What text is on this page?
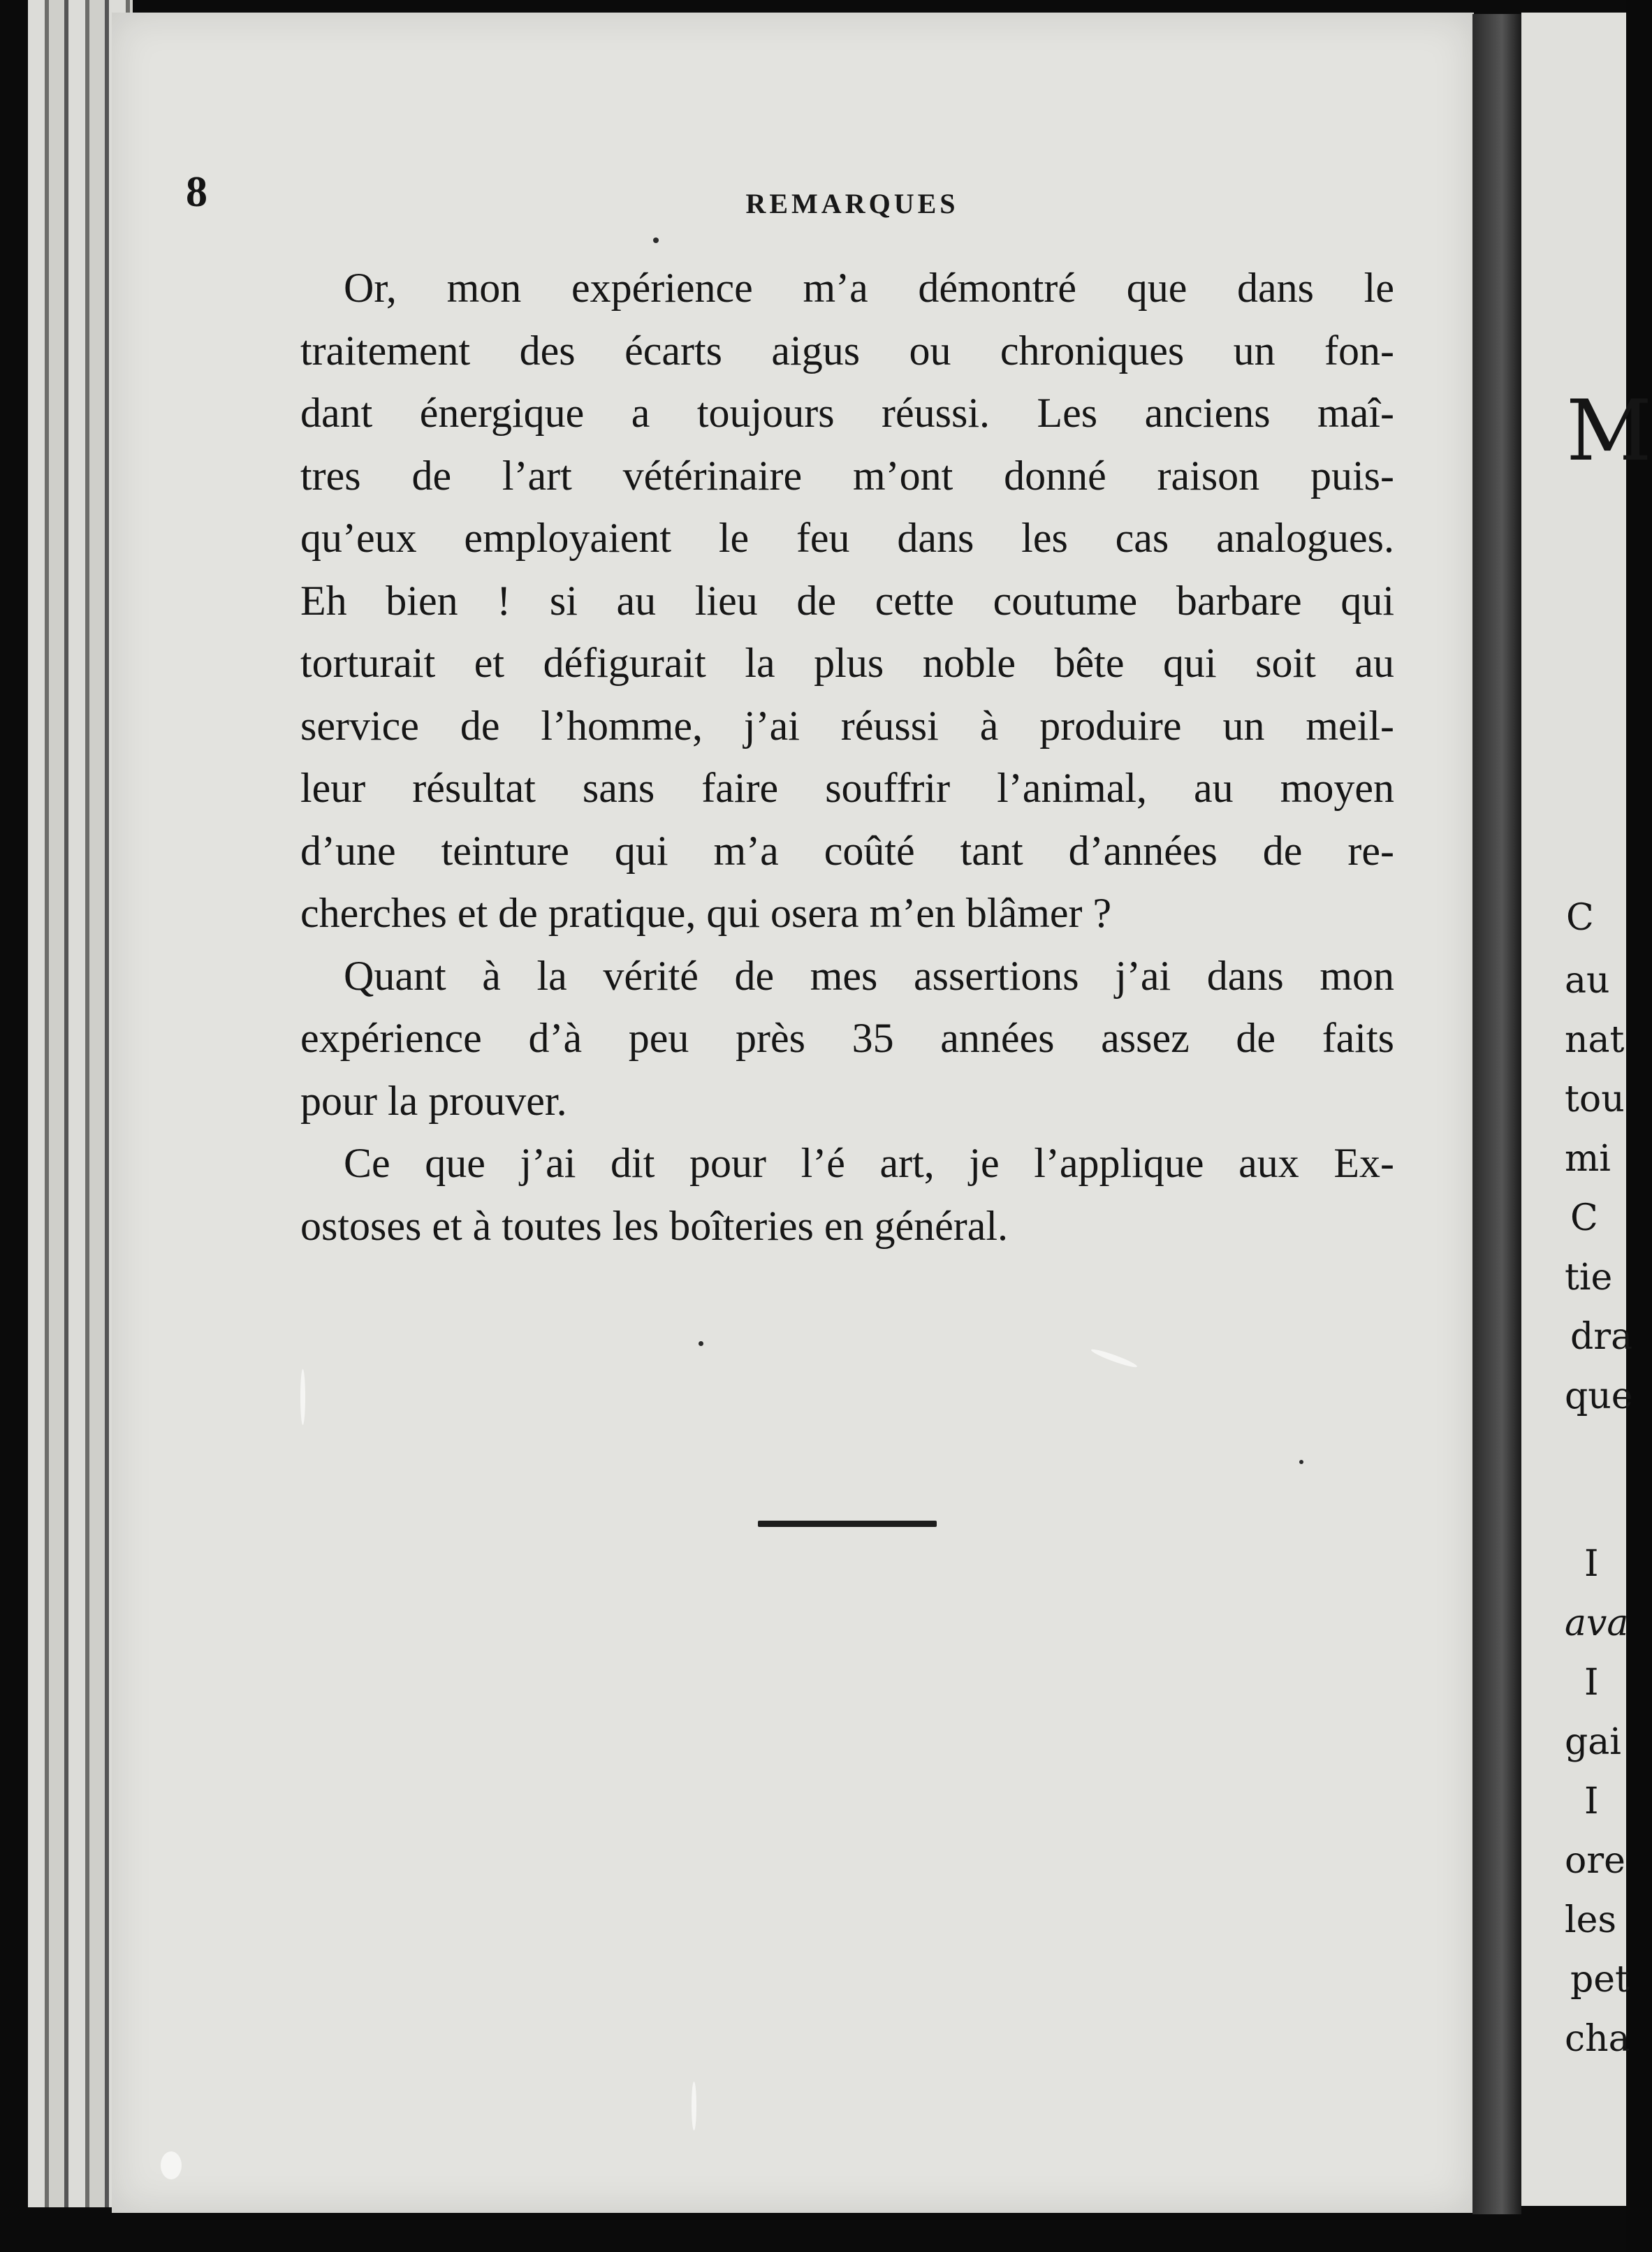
M
C
au
nat
tou
mi
C
tie
dra
que
I
ava
I
gai
I
ore
les
pet
cha
8	REMARQUES

Or, mon expérience m’a démontré que dans le
traitement des écarts aigus ou chroniques un fon-
dant énergique a toujours réussi. Les anciens maî-
tres de l’art vétérinaire m’ont donné raison puis-
qu’eux employaient le feu dans les cas analogues.
Eh bien ! si au lieu de cette coutume barbare qui
torturait et défigurait la plus noble bête qui soit au
service de l’homme, j’ai réussi à produire un meil-
leur résultat sans faire souffrir l’animal, au moyen
d’une teinture qui m’a coûté tant d’années de re-
cherches et de pratique, qui osera m’en blâmer ?

Quant à la vérité de mes assertions j’ai dans mon
expérience d’à peu près 35 années assez de faits
pour la prouver.

Ce que j’ai dit pour l’é art, je l’applique aux Ex-
ostoses et à toutes les boîteries en général.
